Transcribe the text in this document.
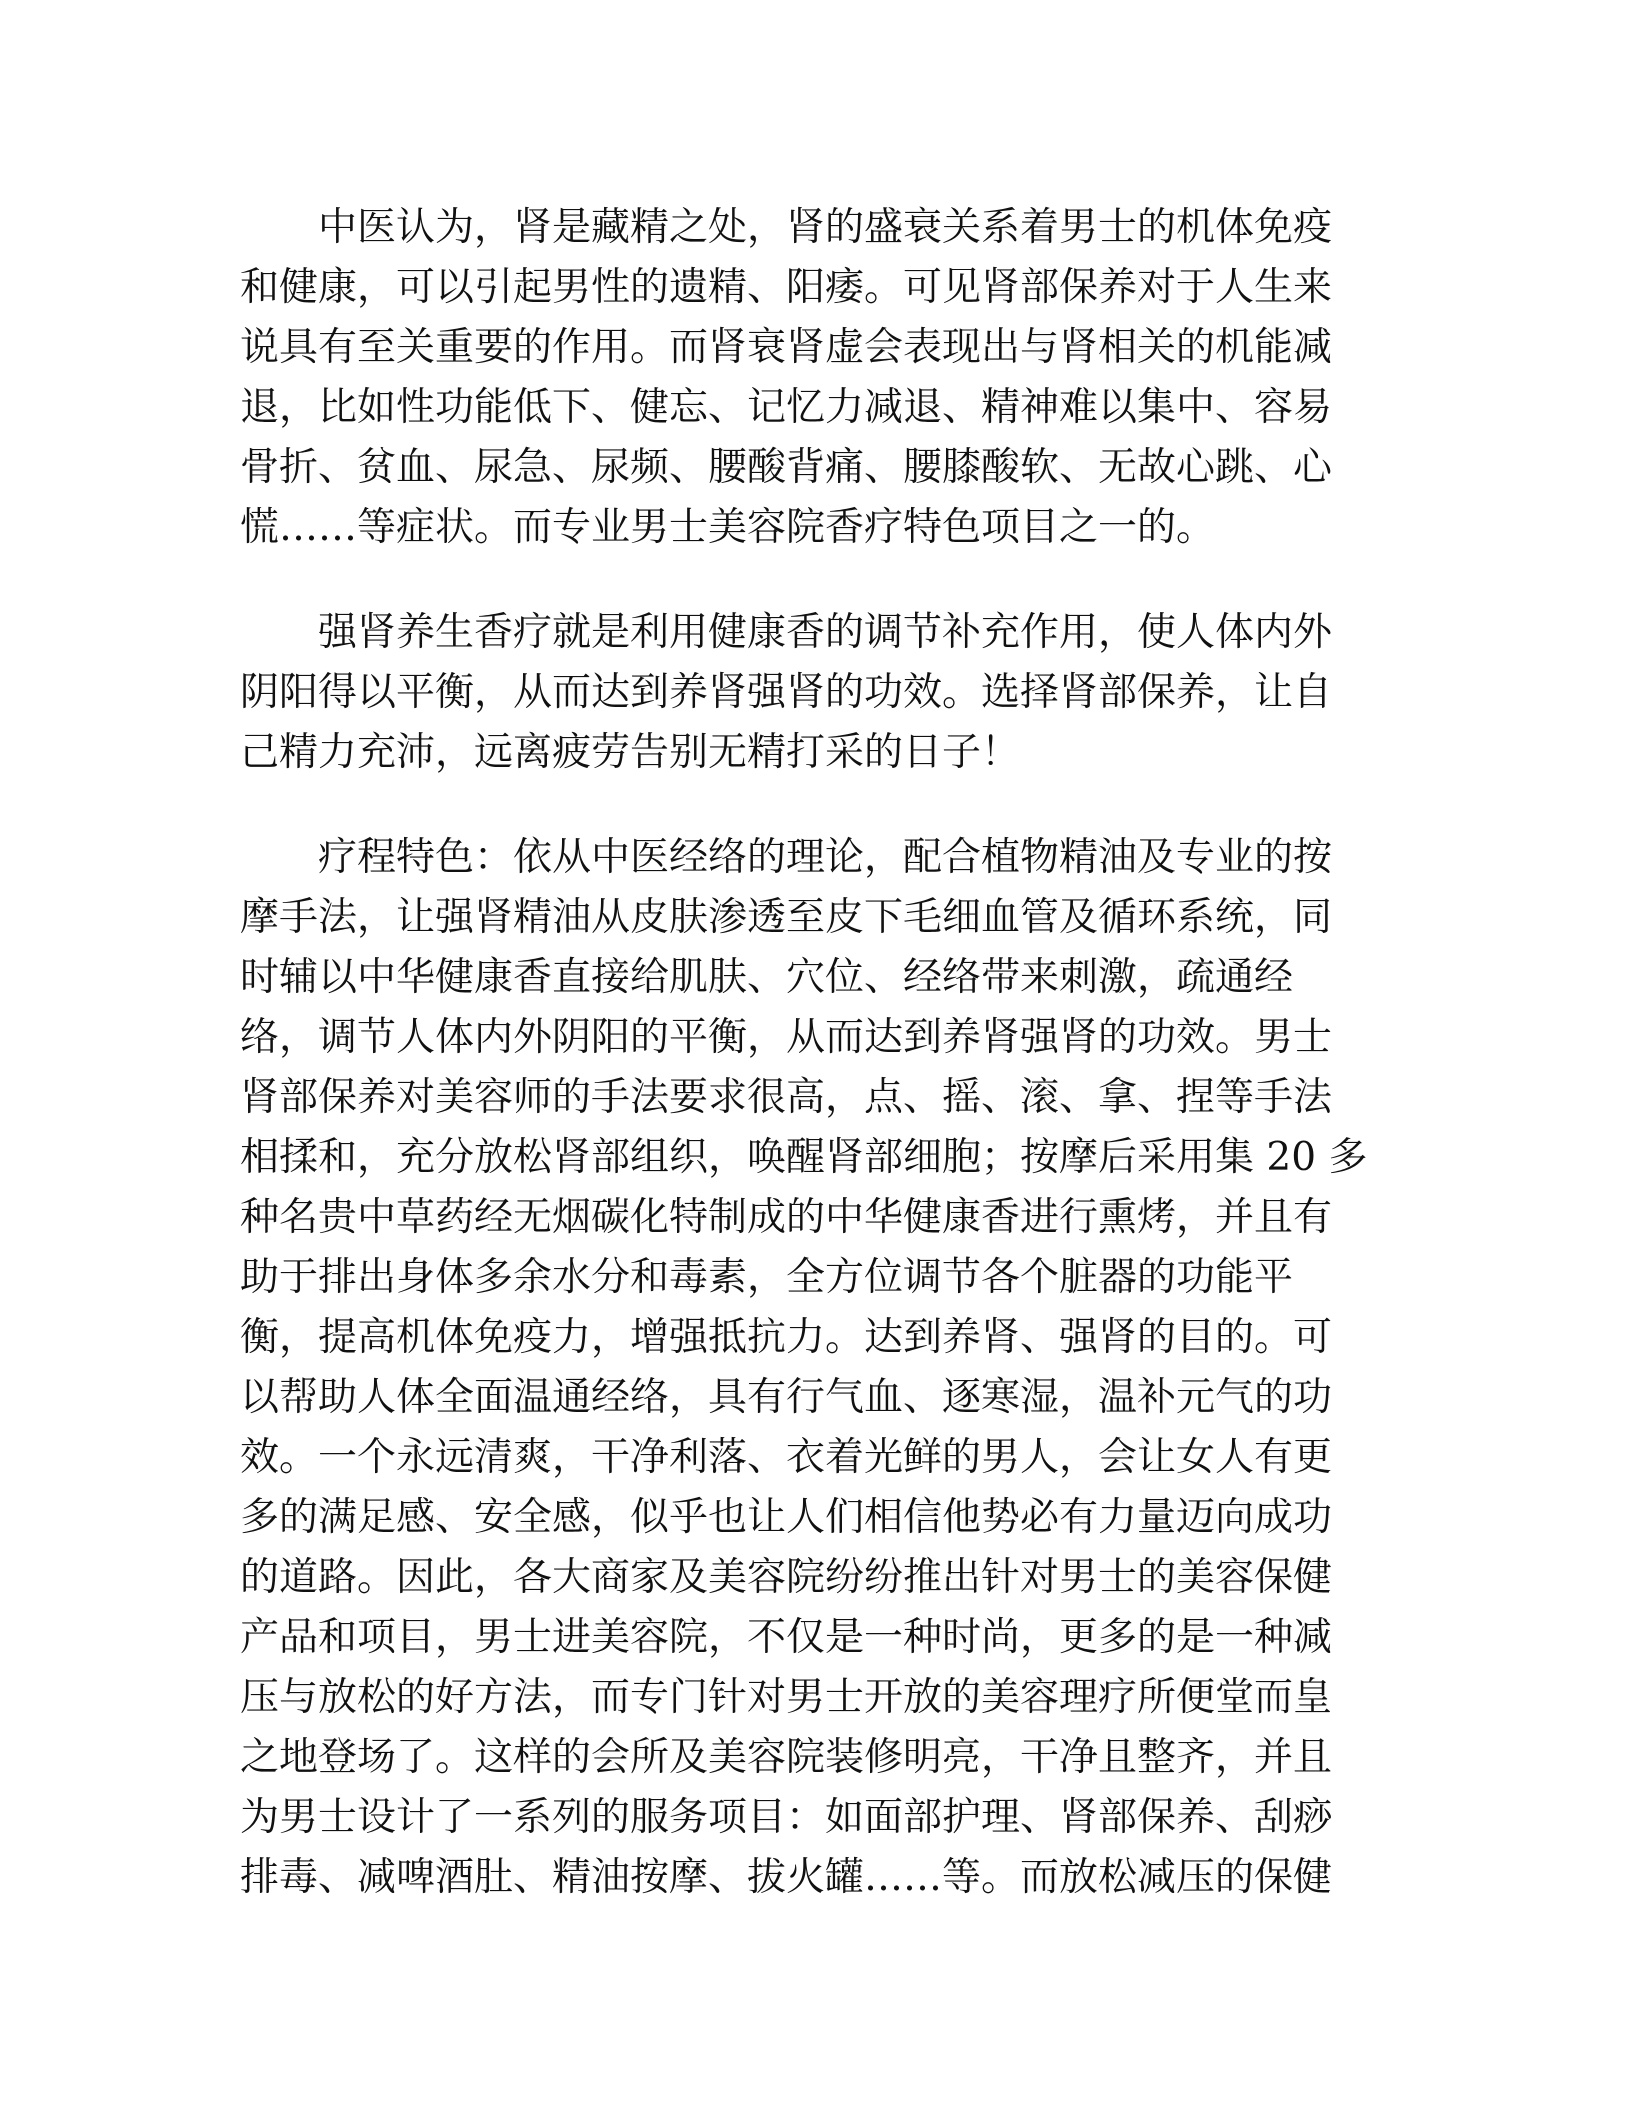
中医认为，肾是藏精之处，肾的盛衰关系着男士的机体免疫
和健康，可以引起男性的遗精、阳痿。可见肾部保养对于人生来
说具有至关重要的作用。而肾衰肾虚会表现出与肾相关的机能减
退，比如性功能低下、健忘、记忆力减退、精神难以集中、容易
骨折、贫血、尿急、尿频、腰酸背痛、腰膝酸软、无故心跳、心
慌……等症状。而专业男士美容院香疗特色项目之一的。
强肾养生香疗就是利用健康香的调节补充作用，使人体内外
阴阳得以平衡，从而达到养肾强肾的功效。选择肾部保养，让自
己精力充沛，远离疲劳告别无精打采的日子！
疗程特色：依从中医经络的理论，配合植物精油及专业的按
摩手法，让强肾精油从皮肤渗透至皮下毛细血管及循环系统，同
时辅以中华健康香直接给肌肤、穴位、经络带来刺激，疏通经
络，调节人体内外阴阳的平衡，从而达到养肾强肾的功效。男士
肾部保养对美容师的手法要求很高，点、摇、滚、拿、捏等手法
相揉和，充分放松肾部组织，唤醒肾部细胞；按摩后采用集 20 多
种名贵中草药经无烟碳化特制成的中华健康香进行熏烤，并且有
助于排出身体多余水分和毒素，全方位调节各个脏器的功能平
衡，提高机体免疫力，增强抵抗力。达到养肾、强肾的目的。可
以帮助人体全面温通经络，具有行气血、逐寒湿，温补元气的功
效。一个永远清爽，干净利落、衣着光鲜的男人，会让女人有更
多的满足感、安全感，似乎也让人们相信他势必有力量迈向成功
的道路。因此，各大商家及美容院纷纷推出针对男士的美容保健
产品和项目，男士进美容院，不仅是一种时尚，更多的是一种减
压与放松的好方法，而专门针对男士开放的美容理疗所便堂而皇
之地登场了。这样的会所及美容院装修明亮，干净且整齐，并且
为男士设计了一系列的服务项目：如面部护理、肾部保养、刮痧
排毒、减啤酒肚、精油按摩、拔火罐……等。而放松减压的保健
